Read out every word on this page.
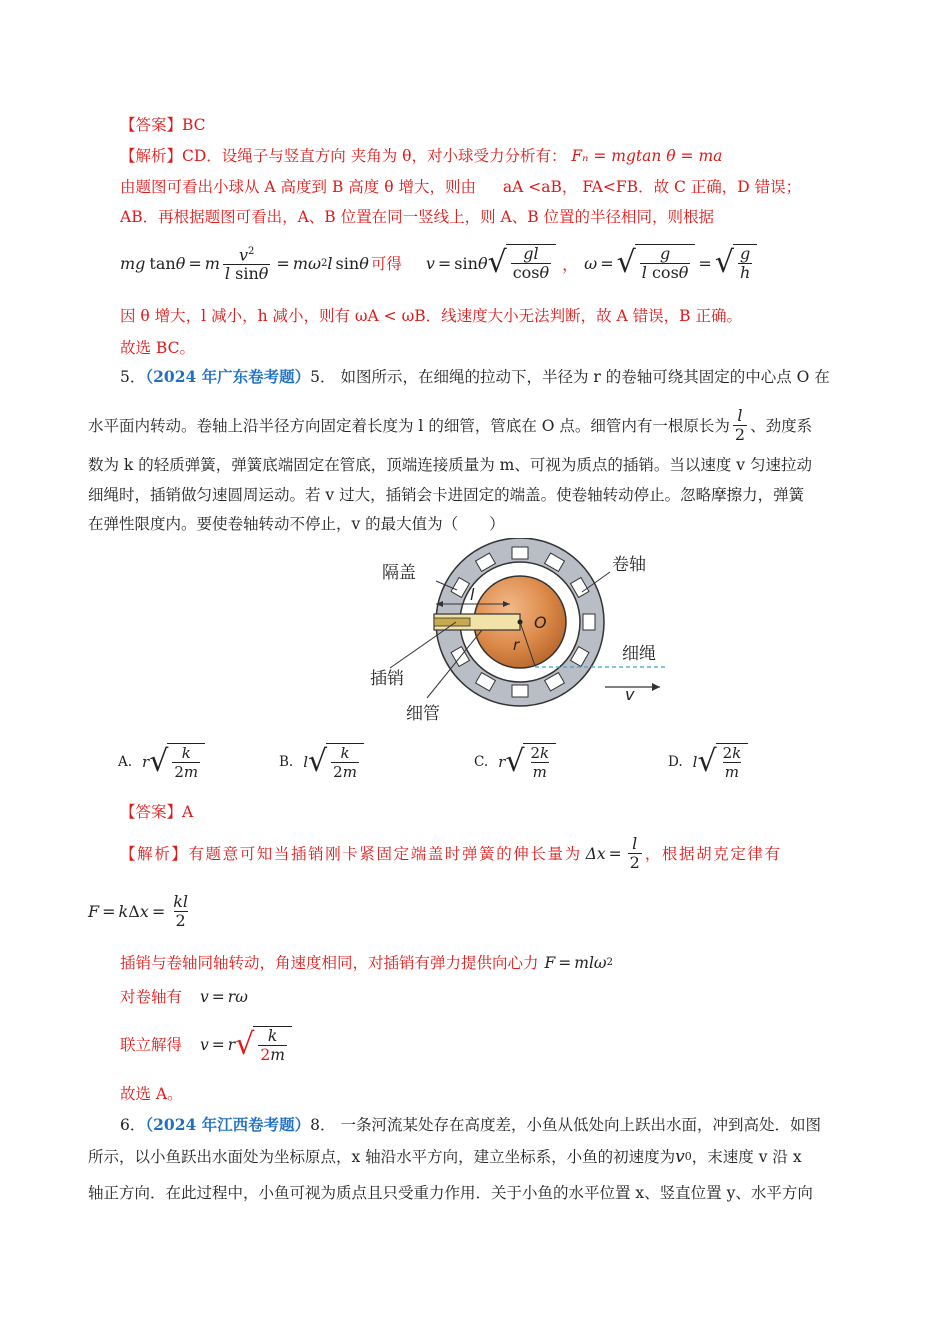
【答案】BC
【解析】CD．设绳子与竖直方向 夹角为 θ，对小球受力分析有： Fₙ = mgtan θ = ma
由题图可看出小球从 A 高度到 B 高度 θ 增大，则由 aA <aB， FA<FB．故 C 正确，D 错误；
AB．再根据题图可看出，A、B 位置在同一竖线上，则 A、B 位置的半径相同，则根据
mg tan θ = m $\frac{v^2}{\text{l sinθ}} = m\omega$ 2 l sin θ 可得 v = sin θ √ $\frac{gl}{\cos\theta}$ ， ω = √ $\frac{g}{\text{l cosθ}}$ = √ $\frac{g}{h}$
因 θ 增大，l 减小，h 减小，则有 ωA < ωB．线速度大小无法判断，故 A 错误，B 正确。
故选 BC。
5．（2024 年广东卷考题）5． 如图所示，在细绳的拉动下，半径为 r 的卷轴可绕其固定的中心点 O 在
水平面内转动。卷轴上沿半径方向固定着长度为 l 的细管，管底在 O 点。细管内有一根原长为 $\frac{l}{2}$ 、劲度系
数为 k 的轻质弹簧，弹簧底端固定在管底，顶端连接质量为 m、可视为质点的插销。当以速度 v 匀速拉动
细绳时，插销做匀速圆周运动。若 v 过大，插销会卡进固定的端盖。使卷轴转动停止。忽略摩擦力，弹簧
在弹性限度内。要使卷轴转动不停止，v 的最大值为（　　）
隔盖	卷轴
细绳
插销
细管
l
O
r
v
A. r √ $\frac{k}{2m}$	B. l √ $\frac{k}{2m}$	C. r √ $\frac{2k}{m}$	D. l √ $\frac{2k}{m}$
【答案】A
【解析】有题意可知当插销刚卡紧固定端盖时弹簧的伸长量为 $\Delta x = \frac{l}{2}$ ，根据胡克定律有
F = k Δ $x = \frac{kl}{2}$
插销与卷轴同轴转动，角速度相同，对插销有弹力提供向心力 F = mlω 2
对卷轴有 v = rω
联立解得 v = r √ $\frac{k}{2m}$
故选 A。
6．（2024 年江西卷考题）8． 一条河流某处存在高度差，小鱼从低处向上跃出水面，冲到高处．如图
所示，以小鱼跃出水面处为坐标原点，x 轴沿水平方向，建立坐标系，小鱼的初速度为 v 0 ，末速度 v 沿 x
轴正方向．在此过程中，小鱼可视为质点且只受重力作用．关于小鱼的水平位置 x、竖直位置 y、水平方向
